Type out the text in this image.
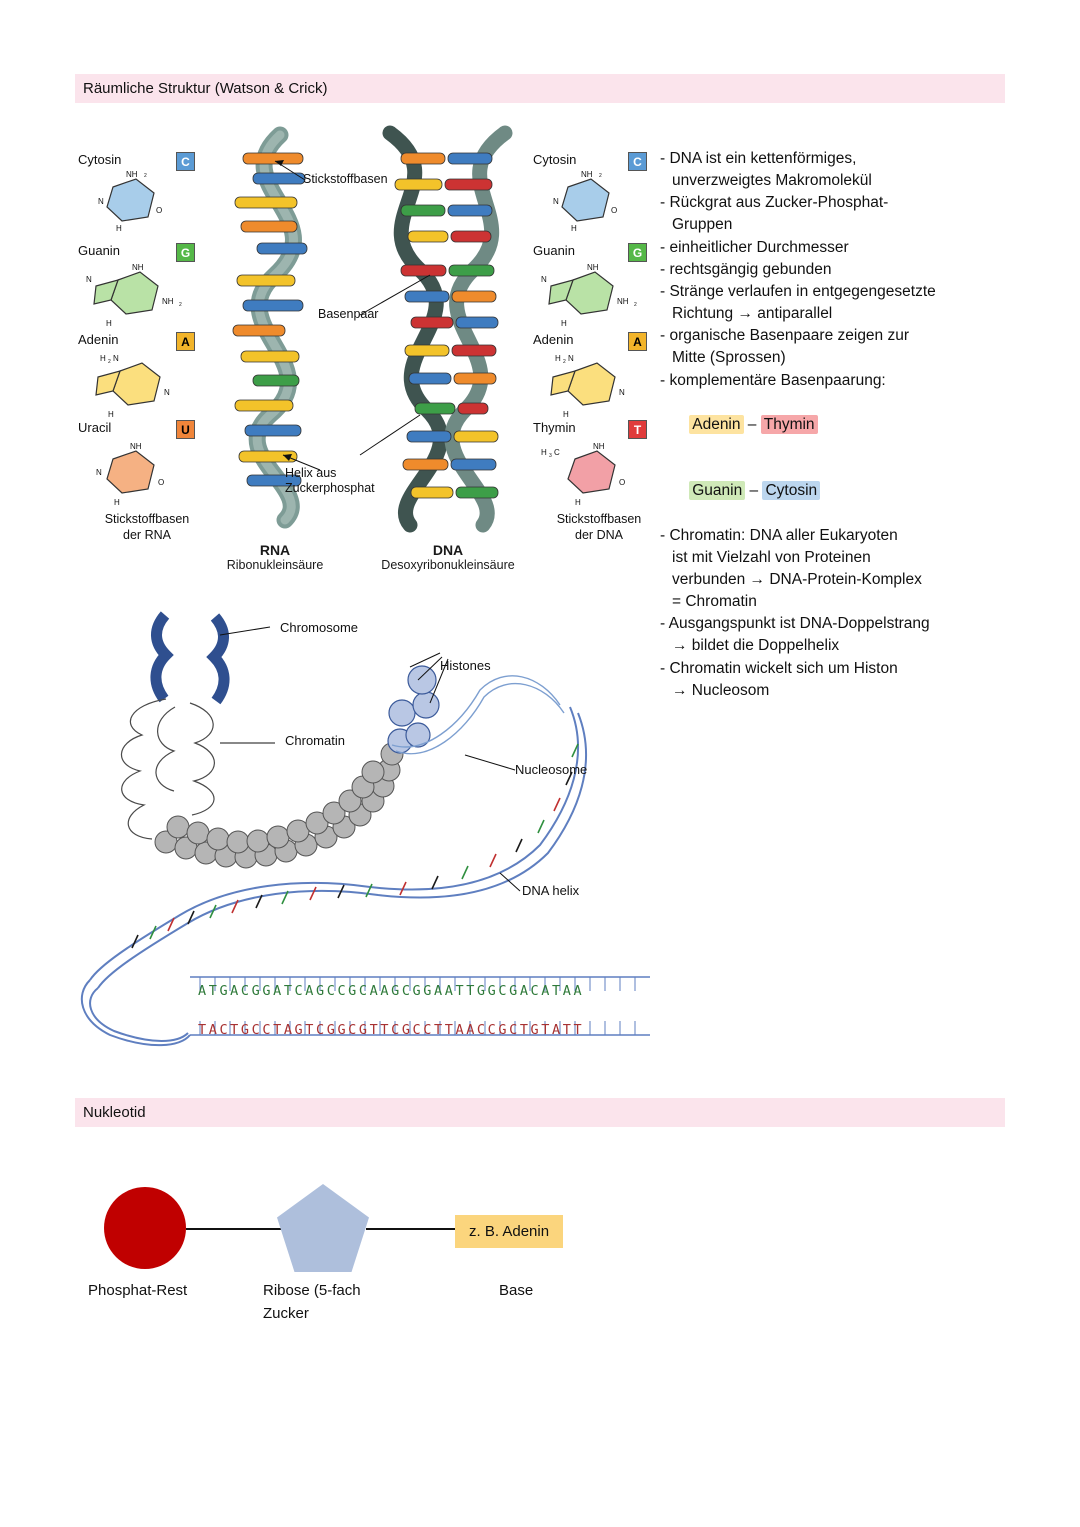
Räumliche Struktur (Watson & Crick)
Cytosin
NH 2
O
N
H
C
Guanin
NH
NH 2
N
H
G
Adenin
H 2 N
N
H
A
Uracil
NH
O
N
H
U
Stickstoffbasen
der RNA
Stickstoffbasen
Basenpaar
Helix aus
Zuckerphosphat
RNA
Ribonukleinsäure
DNA
Desoxyribonukleinsäure
Cytosin
NH 2
O
N
H
C
Guanin
NH
NH 2
N
H
G
Adenin
H 2 N
N
H
A
Thymin
H 3 C
NH
O
H
T
Stickstoffbasen
der DNA
- DNA ist ein kettenförmiges,
unverzweigtes Makromolekül
- Rückgrat aus Zucker-Phosphat-
Gruppen
- einheitlicher Durchmesser
- rechtsgängig gebunden
- Stränge verlaufen in entgegengesetzte
Richtung → antiparallel
- organische Basenpaare zeigen zur
Mitte (Sprossen)
- komplementäre Basenpaarung:

Adenin – Thymin

Guanin – Cytosin

- Chromatin: DNA aller Eukaryoten
ist mit Vielzahl von Proteinen
verbunden → DNA-Protein-Komplex
= Chromatin
- Ausgangspunkt ist DNA-Doppelstrang
→ bildet die Doppelhelix
- Chromatin wickelt sich um Histon
→ Nucleosom
Chromosome
Chromatin
Histones
Nucleosome
DNA helix
ATGACGGATCAGCCGCAAGCGGAATTGGCGACATAA
TACTGCCTAGTCGGCGTTCGCCTTAACCGCTGTATT
Nukleotid
z. B. Adenin
Phosphat-Rest	Ribose (5-fach
Zucker
Base
